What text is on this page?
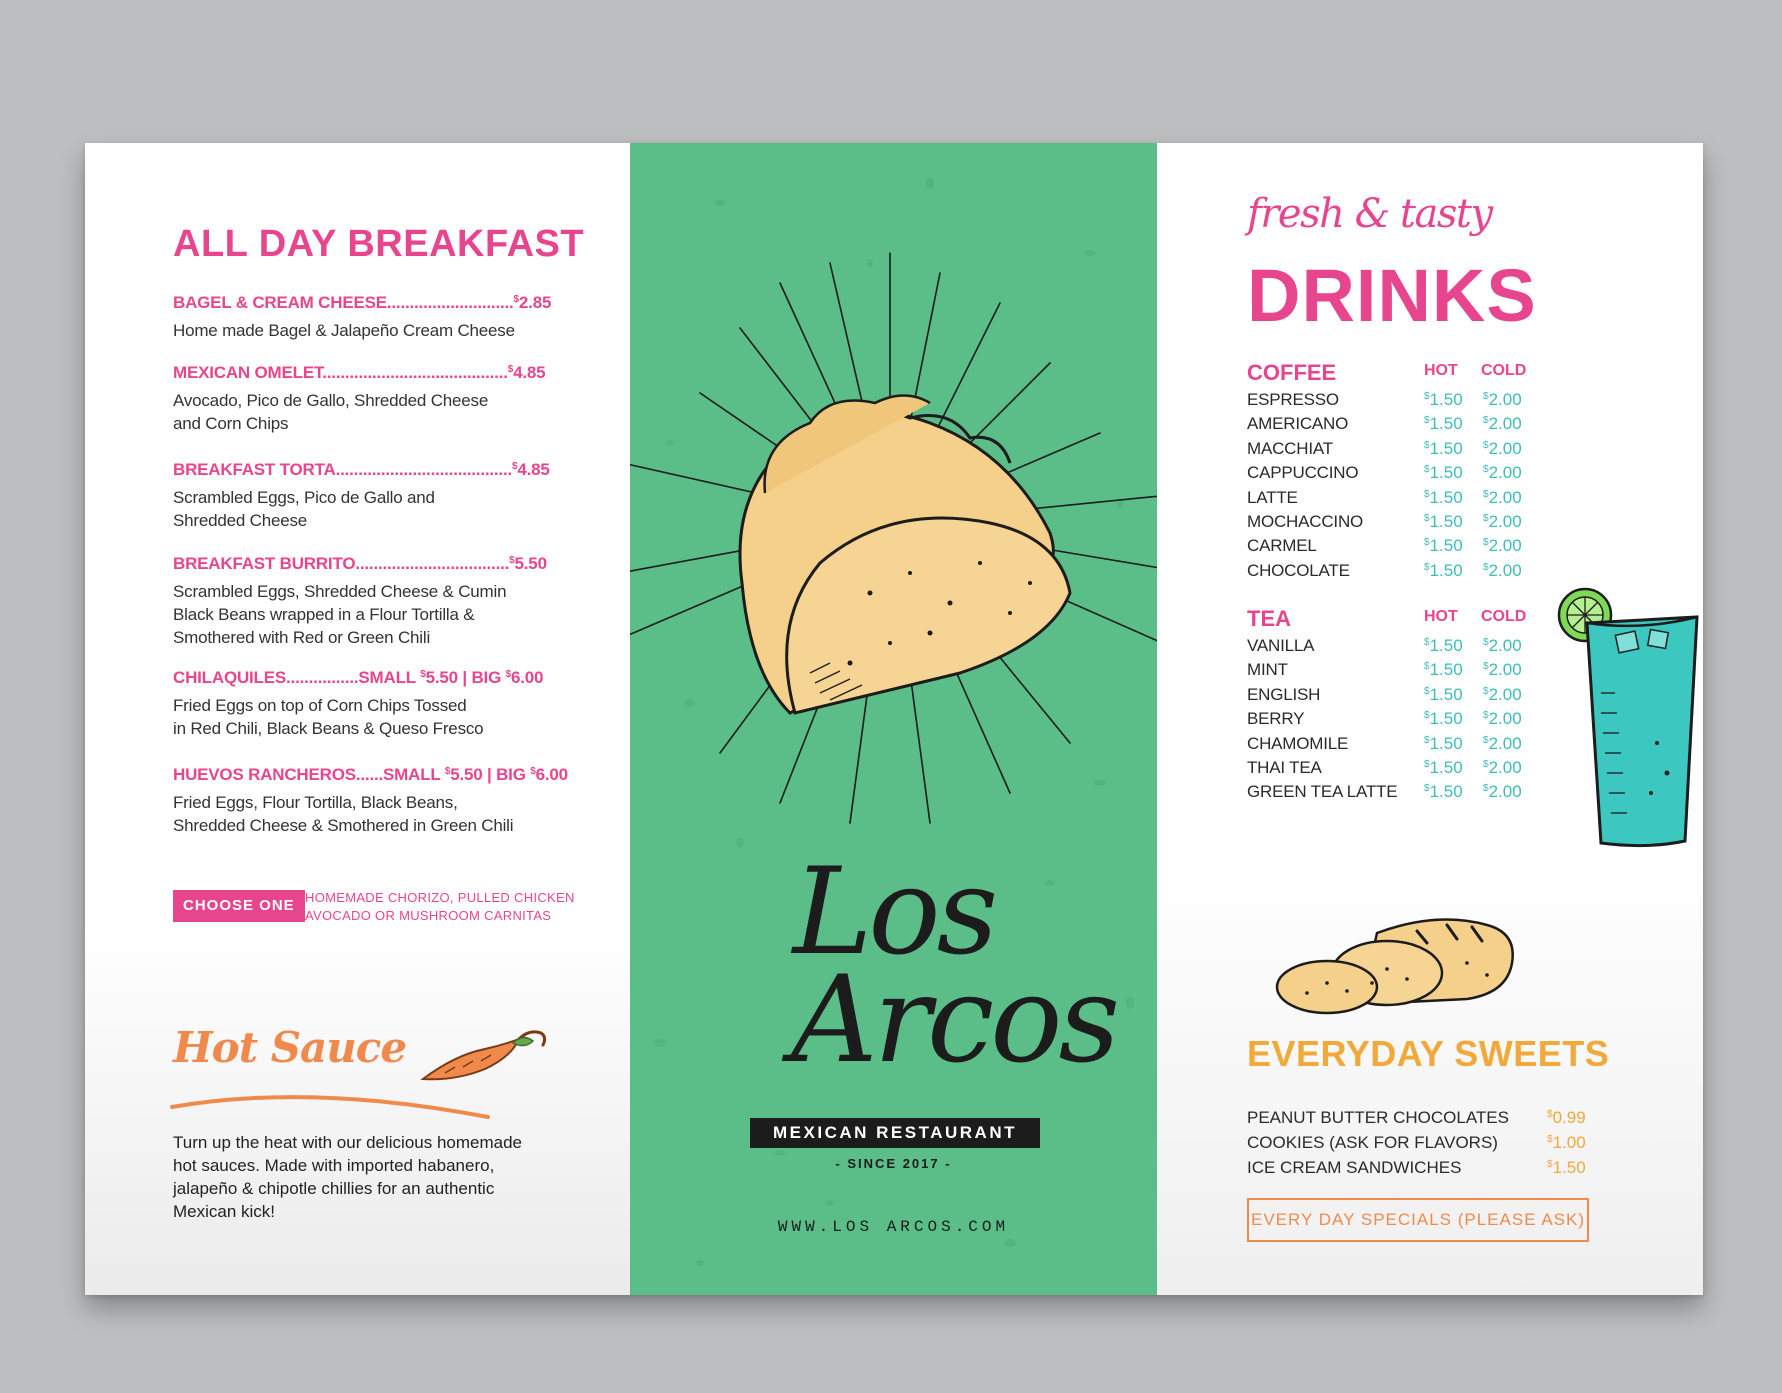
ALL DAY BREAKFAST
BAGEL & CREAM CHEESE............................$2.85
Home made Bagel & Jalapeño Cream Cheese
MEXICAN OMELET.........................................$4.85
Avocado, Pico de Gallo, Shredded Cheese
and Corn Chips
BREAKFAST TORTA.......................................$4.85
Scrambled Eggs, Pico de Gallo and
Shredded Cheese
BREAKFAST BURRITO..................................$5.50
Scrambled Eggs, Shredded Cheese & Cumin
Black Beans wrapped in a Flour Tortilla &
Smothered with Red or Green Chili
CHILAQUILES................SMALL $5.50 | BIG $6.00
Fried Eggs on top of Corn Chips Tossed
in Red Chili, Black Beans & Queso Fresco
HUEVOS RANCHEROS......SMALL $5.50 | BIG $6.00
Fried Eggs, Flour Tortilla, Black Beans,
Shredded Cheese & Smothered in Green Chili
CHOOSE ONE HOMEMADE CHORIZO, PULLED CHICKEN
AVOCADO OR MUSHROOM CARNITAS
Hot Sauce
Turn up the heat with our delicious homemade
hot sauces. Made with imported habanero,
jalapeño & chipotle chillies for an authentic
Mexican kick!
Los
Arcos
MEXICAN RESTAURANT
- SINCE 2017 -
WWW.LOS ARCOS.COM
fresh & tasty
DRINKS
COFFEE	HOT COLD
ESPRESSO	$1.50 $2.00
AMERICANO	$1.50 $2.00
MACCHIAT	$1.50 $2.00
CAPPUCCINO	$1.50 $2.00
LATTE	$1.50 $2.00
MOCHACCINO	$1.50 $2.00
CARMEL	$1.50 $2.00
CHOCOLATE	$1.50 $2.00
TEA	HOT COLD
VANILLA	$1.50 $2.00
MINT	$1.50 $2.00
ENGLISH	$1.50 $2.00
BERRY	$1.50 $2.00
CHAMOMILE	$1.50 $2.00
THAI TEA	$1.50 $2.00
GREEN TEA LATTE	$1.50 $2.00
EVERYDAY SWEETS
PEANUT BUTTER CHOCOLATES	$0.99
COOKIES (ASK FOR FLAVORS)	$1.00
ICE CREAM SANDWICHES	$1.50
EVERY DAY SPECIALS (PLEASE ASK)
